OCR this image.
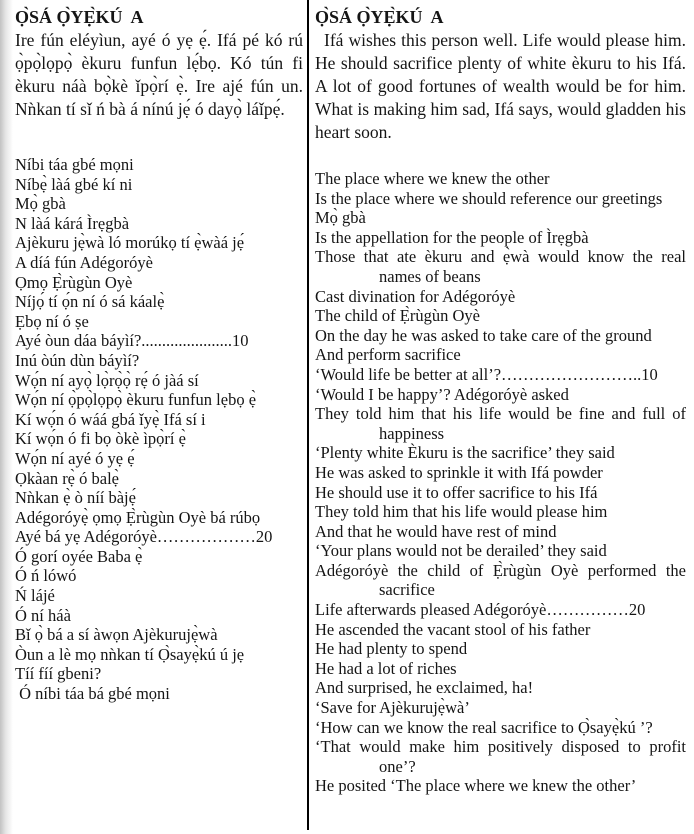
Ọ̀SÁ Ọ̀YẸ̀KÚ  A
Ire fún eléyìun, ayé ó yẹ ẹ́. Ifá pé kó rú ọ̀pọ̀lọpọ̀ èkuru funfun lẹ́bọ. Kó tún fi èkuru náà bọ̀kè ǐpọ̀rí ẹ̀. Ire ajé fún un. Nǹkan tí sǐ ń bà á nínú jẹ́ ó dayọ̀ láǐpẹ́.
Níbi táa gbé mọni
Níbẹ̀ làá gbé kí ni
Mọ̀ gbà
N làá kárá Ìrẹgbà
Ajèkuru jẹ̀wà ló morúkọ tí ẹ̀wàá jẹ́
A díá fún Adégoróyè
Ọmọ Ẹ̀rùgùn Oyè
Níjọ́ tí ọ́n ní ó sá káalẹ̀
Ẹbọ ní ó ṣe
Ayé òun dáa báyìí?......................10
Inú òún dùn báyìí?
Wọ́n ní ayọ̀ lọ̀rọ̀ọ̀ rẹ́ ó jàá sí
Wọ́n ní ọ̀pọ̀lọpọ̀ èkuru funfun lẹbọ ẹ̀
Kí wọ́n ó wáá gbá ǐyẹ̀ Ifá sí i
Kí wọ́n ó fi bọ òkè ìpọ̀rí ẹ̀
Wọ́n ní ayé ó yẹ ẹ́
Ọkàan rẹ̀ ó balẹ̀
Nǹkan ẹ̀ ò níí bàjẹ́
Adégoróyẹ̀ ọmọ Ẹ̀rùgùn Oyè bá rúbọ
Ayé bá yẹ Adégoróyè………………20
Ó gorí oyée Baba ẹ̀
Ó ń lówó
Ń lájé
Ó ní háà
Bǐ ọ̀ bá a sí àwọn Ajèkurujẹ̀wà
Òun a lè mọ nǹkan tí Ọ̀sayẹ̀kú ú jẹ
Tíí fíí gbeni?
Ó níbi táa bá gbé mọni
Ọ̀SÁ Ọ̀YẸ̀KÚ  A
Ifá wishes this person well. Life would please him. He should sacrifice plenty of white èkuru to his Ifá. A lot of good fortunes of wealth would be for him. What is making him sad, Ifá says, would gladden his heart soon.
The place where we knew the other
Is the place where we should reference our greetings
Mọ̀ gbà
Is the appellation for the people of Ìrẹgbà
Those that ate èkuru and ẹ̀wà would know the real names of beans
Cast divination for Adégoróyè
The child of Ẹ̀rùgùn Oyè
On the day he was asked to take care of the ground
And perform sacrifice
‘Would life be better at all’?……………………..10
‘Would I be happy’? Adégoróyè asked
They told him that his life would be fine and full of happiness
‘Plenty white Èkuru is the sacrifice’ they said
He was asked to sprinkle it with Ifá powder
He should use it to offer sacrifice to his Ifá
They told him that his life would please him
And that he would have rest of mind
‘Your plans would not be derailed’ they said
Adégoróyè the child of Ẹ̀rùgùn Oyè performed the sacrifice
Life afterwards pleased Adégoróyè……………20
He ascended the vacant stool of his father
He had plenty to spend
He had a lot of riches
And surprised, he exclaimed, ha!
‘Save for Ajèkurujẹ̀wà’
‘How can we know the real sacrifice to Ọ̀sayẹ̀kú ’?
‘That would make him positively disposed to profit one’?
He posited ‘The place where we knew the other’
